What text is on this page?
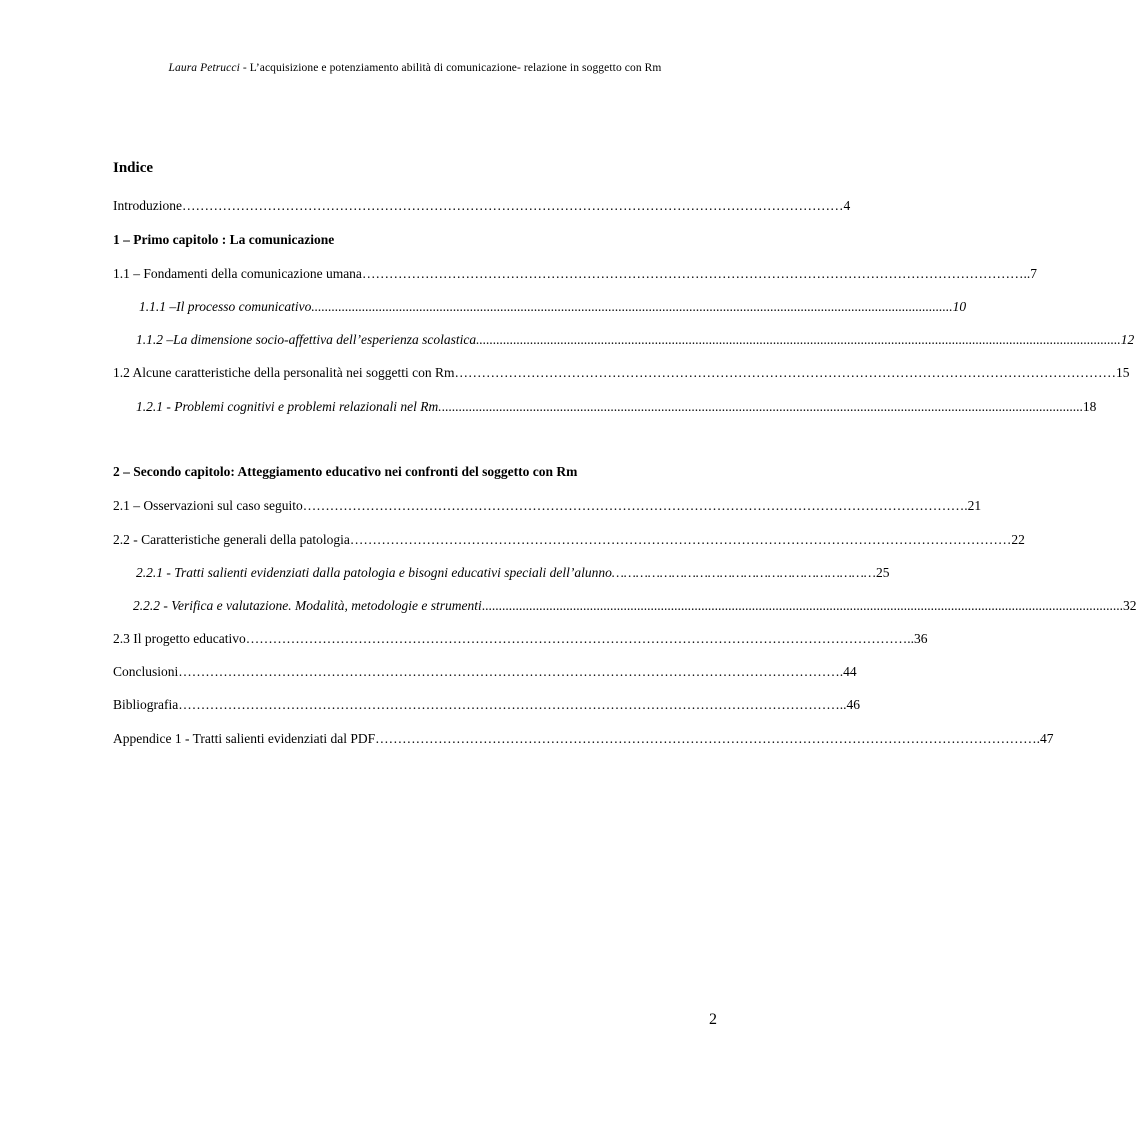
Laura Petrucci - L’acquisizione e potenziamento abilità di comunicazione- relazione in soggetto con Rm
Indice
Introduzione ………………………………………………………………………………………………………………………………… 4
1 – Primo capitolo : La comunicazione
1.1 – Fondamenti della comunicazione umana ………………………………………………………………………………………………………………………………… ..7
1.1.1 –Il processo comunicativo .............................................................................................................................................................................................. 10
1.1.2 –La dimensione socio-affettiva dell’esperienza scolastica. .............................................................................................................................................................................................. 12
1.2 Alcune caratteristiche della personalità nei soggetti con Rm ………………………………………………………………………………………………………………………………… 15
1.2.1 - Problemi cognitivi e problemi relazionali nel Rm. .............................................................................................................................................................................................. 18
2 – Secondo capitolo: Atteggiamento educativo nei confronti del soggetto con Rm
2.1 – Osservazioni sul caso seguito ………………………………………………………………………………………………………………………………… .21
2.2 - Caratteristiche generali della patologia ………………………………………………………………………………………………………………………………… 22
2.2.1 - Tratti salienti evidenziati dalla patologia e bisogni educativi speciali dell’alunno ………………………………………………………… 25
2.2.2 - Verifica e valutazione. Modalità, metodologie e strumenti .............................................................................................................................................................................................. 32
2.3 Il progetto educativo ………………………………………………………………………………………………………………………………… ..36
Conclusioni ………………………………………………………………………………………………………………………………… .44
Bibliografia ………………………………………………………………………………………………………………………………… ..46
Appendice 1 - Tratti salienti evidenziati dal PDF ………………………………………………………………………………………………………………………………… .47
2
